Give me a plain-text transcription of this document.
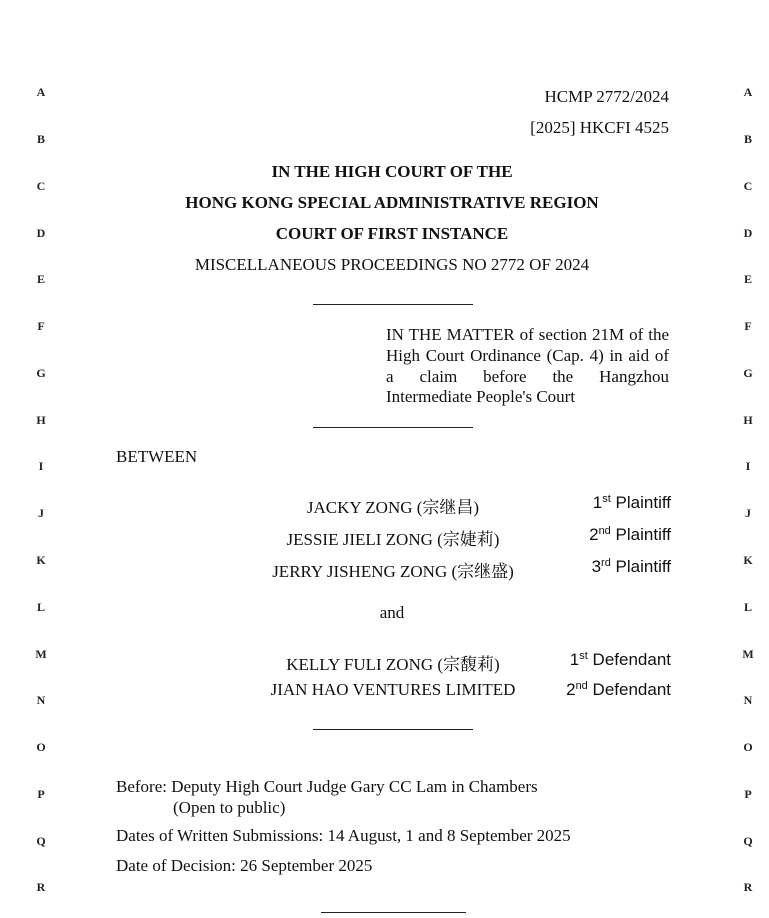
A
B
C
D
E
F
G
H
I
J
K
L
M
N
O
P
Q
R
A
B
C
D
E
F
G
H
I
J
K
L
M
N
O
P
Q
R
HCMP 2772/2024
[2025] HKCFI 4525
IN THE HIGH COURT OF THE
HONG KONG SPECIAL ADMINISTRATIVE REGION
COURT OF FIRST INSTANCE
MISCELLANEOUS PROCEEDINGS NO 2772 OF 2024
IN THE MATTER of section 21M of the High Court Ordinance (Cap. 4) in aid of a claim before the Hangzhou Intermediate People's Court
BETWEEN
JACKY ZONG (宗继昌)	1st Plaintiff
JESSIE JIELI ZONG (宗婕莉)	2nd Plaintiff
JERRY JISHENG ZONG (宗继盛)	3rd Plaintiff
and
KELLY FULI ZONG (宗馥莉)	1st Defendant
JIAN HAO VENTURES LIMITED	2nd Defendant
Before: Deputy High Court Judge Gary CC Lam in Chambers
(Open to public)
Dates of Written Submissions: 14 August, 1 and 8 September 2025
Date of Decision: 26 September 2025
